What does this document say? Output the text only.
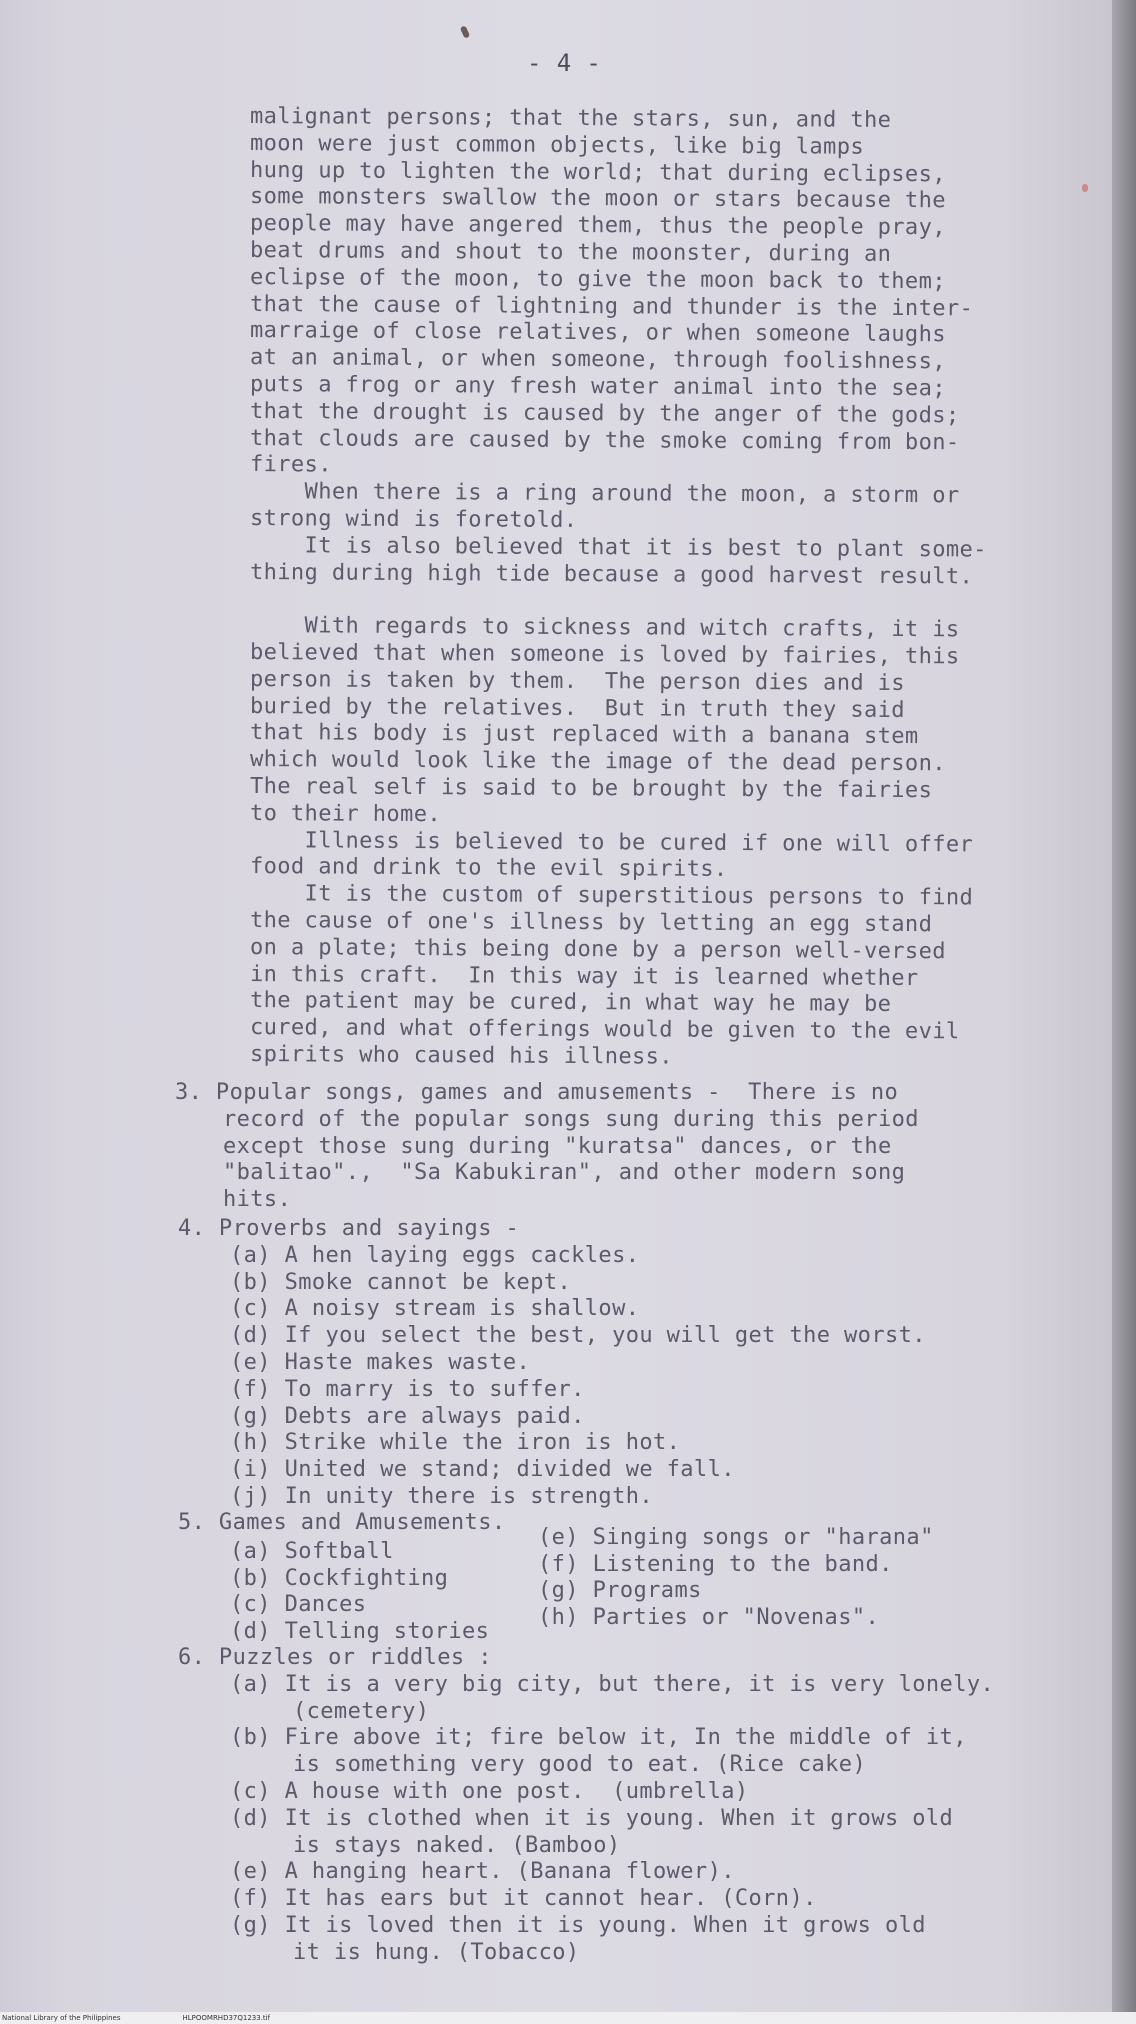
- 4 -
malignant persons; that the stars, sun, and the
moon were just common objects, like big lamps
hung up to lighten the world; that during eclipses,
some monsters swallow the moon or stars because the
people may have angered them, thus the people pray,
beat drums and shout to the moonster, during an
eclipse of the moon, to give the moon back to them;
that the cause of lightning and thunder is the inter-
marraige of close relatives, or when someone laughs
at an animal, or when someone, through foolishness,
puts a frog or any fresh water animal into the sea;
that the drought is caused by the anger of the gods;
that clouds are caused by the smoke coming from bon-
fires.
When there is a ring around the moon, a storm or
strong wind is foretold.
It is also believed that it is best to plant some-
thing during high tide because a good harvest result.
With regards to sickness and witch crafts, it is
believed that when someone is loved by fairies, this
person is taken by them.  The person dies and is
buried by the relatives.  But in truth they said
that his body is just replaced with a banana stem
which would look like the image of the dead person.
The real self is said to be brought by the fairies
to their home.
Illness is believed to be cured if one will offer
food and drink to the evil spirits.
It is the custom of superstitious persons to find
the cause of one's illness by letting an egg stand
on a plate; this being done by a person well-versed
in this craft.  In this way it is learned whether
the patient may be cured, in what way he may be
cured, and what offerings would be given to the evil
spirits who caused his illness.
3. Popular songs, games and amusements -  There is no
record of the popular songs sung during this period
except those sung during "kuratsa" dances, or the
"balitao".,  "Sa Kabukiran", and other modern song
hits.
4. Proverbs and sayings -
(a) A hen laying eggs cackles.
(b) Smoke cannot be kept.
(c) A noisy stream is shallow.
(d) If you select the best, you will get the worst.
(e) Haste makes waste.
(f) To marry is to suffer.
(g) Debts are always paid.
(h) Strike while the iron is hot.
(i) United we stand; divided we fall.
(j) In unity there is strength.
5. Games and Amusements.
(a) Softball
(b) Cockfighting
(c) Dances
(d) Telling stories
(e) Singing songs or "harana"
(f) Listening to the band.
(g) Programs
(h) Parties or "Novenas".
6. Puzzles or riddles :
(a) It is a very big city, but there, it is very lonely.
(cemetery)
(b) Fire above it; fire below it, In the middle of it,
is something very good to eat. (Rice cake)
(c) A house with one post.  (umbrella)
(d) It is clothed when it is young. When it grows old
is stays naked. (Bamboo)
(e) A hanging heart. (Banana flower).
(f) It has ears but it cannot hear. (Corn).
(g) It is loved then it is young. When it grows old
it is hung. (Tobacco)
National Library of the Philippines	HLPOOMRHD37Q1233.tif
